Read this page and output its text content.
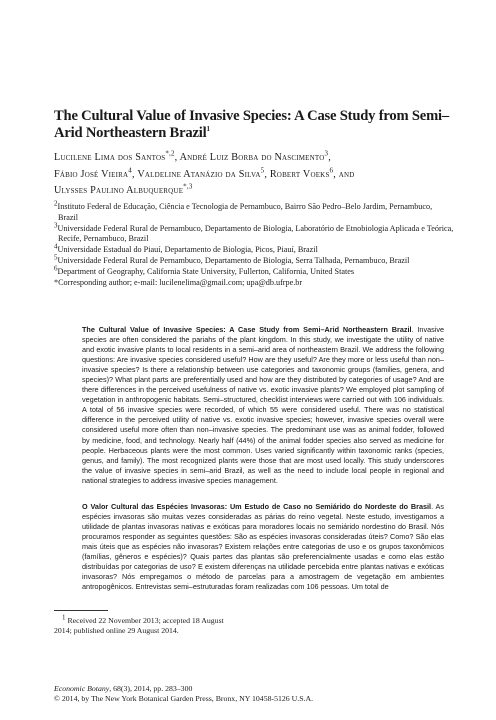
The Cultural Value of Invasive Species: A Case Study from Semi–Arid Northeastern Brazil$^1$
Lucilene Lima dos Santos$^{*,2}$, André Luiz Borba do Nascimento$^3$,
Fábio José Vieira$^4$, Valdeline Atanázio da Silva$^5$, Robert Voeks$^6$, and
Ulysses Paulino Albuquerque$^{*,3}$

$^2$Instituto Federal de Educação, Ciência e Tecnologia de Pernambuco, Bairro São Pedro–Belo Jardim, Pernambuco, Brazil

$^3$Universidade Federal Rural de Pernambuco, Departamento de Biologia, Laboratório de Etnobiologia Aplicada e Teórica, Recife, Pernambuco, Brazil

$^4$Universidade Estadual do Piauí, Departamento de Biologia, Picos, Piauí, Brazil

$^5$Universidade Federal Rural de Pernambuco, Departamento de Biologia, Serra Talhada, Pernambuco, Brazil

$^6$Department of Geography, California State University, Fullerton, California, United States

*Corresponding author; e-mail: lucilenelima@gmail.com; upa@db.ufrpe.br

The Cultural Value of Invasive Species: A Case Study from Semi–Arid Northeastern Brazil. Invasive species are often considered the pariahs of the plant kingdom. In this study, we investigate the utility of native and exotic invasive plants to local residents in a semi–arid area of northeastern Brazil. We address the following questions: Are invasive species considered useful? How are they useful? Are they more or less useful than non–invasive species? Is there a relationship between use categories and taxonomic groups (families, genera, and species)? What plant parts are preferentially used and how are they distributed by categories of usage? And are there differences in the perceived usefulness of native vs. exotic invasive plants? We employed plot sampling of vegetation in anthropogenic habitats. Semi–structured, checklist interviews were carried out with 106 individuals. A total of 56 invasive species were recorded, of which 55 were considered useful. There was no statistical difference in the perceived utility of native vs. exotic invasive species; however, invasive species overall were considered useful more often than non–invasive species. The predominant use was as animal fodder, followed by medicine, food, and technology. Nearly half (44%) of the animal fodder species also served as medicine for people. Herbaceous plants were the most common. Uses varied significantly within taxonomic ranks (species, genus, and family). The most recognized plants were those that are most used locally. This study underscores the value of invasive species in semi–arid Brazil, as well as the need to include local people in regional and national strategies to address invasive species management.
O Valor Cultural das Espécies Invasoras: Um Estudo de Caso no Semiárido do Nordeste do Brasil. As espécies invasoras são muitas vezes consideradas as párias do reino vegetal. Neste estudo, investigamos a utilidade de plantas invasoras nativas e exóticas para moradores locais no semiárido nordestino do Brasil. Nós procuramos responder as seguintes questões: São as espécies invasoras consideradas úteis? Como? São elas mais úteis que as espécies não invasoras? Existem relações entre categorias de uso e os grupos taxonômicos (famílias, gêneros e espécies)? Quais partes das plantas são preferencialmente usadas e como elas estão distribuídas por categorias de uso? E existem diferenças na utilidade percebida entre plantas nativas e exóticas invasoras? Nós empregamos o método de parcelas para a amostragem de vegetação em ambientes antropogênicos. Entrevistas semi–estruturadas foram realizadas com 106 pessoas. Um total de
$^1$ Received 22 November 2013; accepted 18 August
2014; published online 29 August 2014.
Economic Botany, 68(3), 2014, pp. 283–300
© 2014, by The New York Botanical Garden Press, Bronx, NY 10458-5126 U.S.A.
